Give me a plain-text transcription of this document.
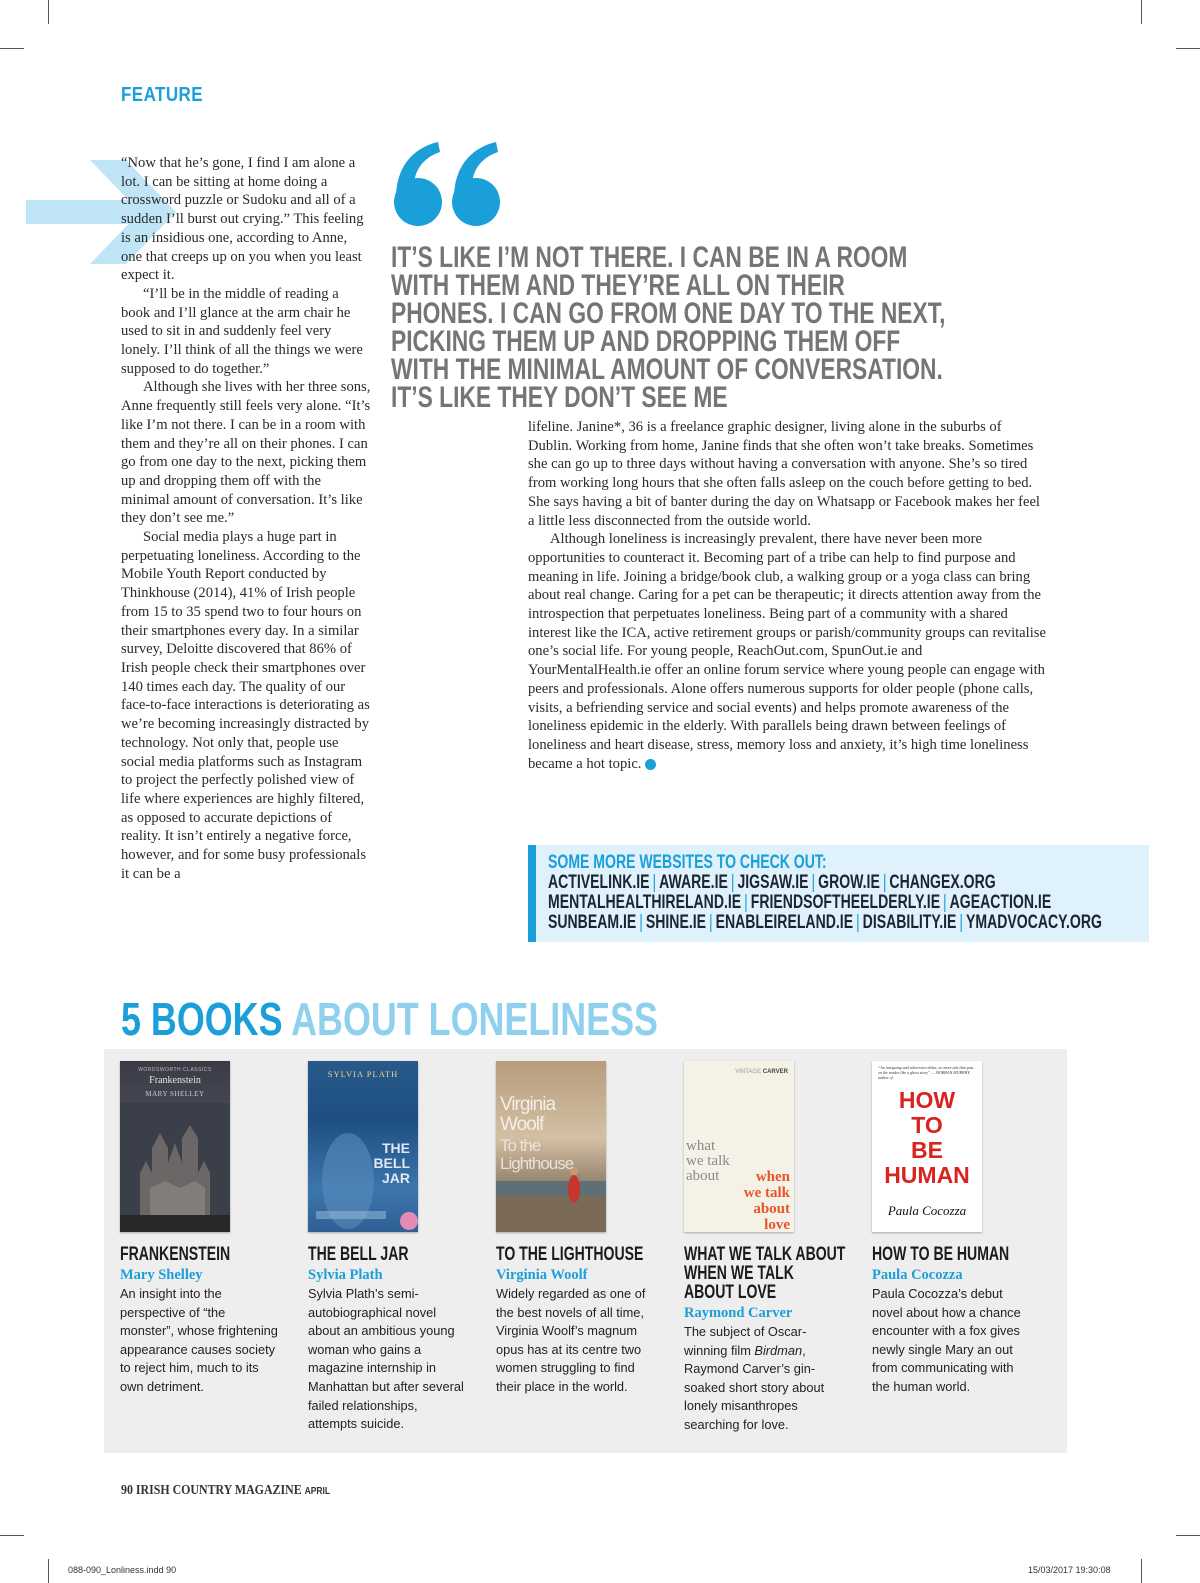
FEATURE

“Now that he’s gone, I find I am alone a lot. I can be sitting at home doing a crossword puzzle or Sudoku and all of a sudden I’ll burst out crying.” This feeling is an insidious one, according to Anne, one that creeps up on you when you least expect it.

“I’ll be in the middle of reading a book and I’ll glance at the arm chair he used to sit in and suddenly feel very lonely. I’ll think of all the things we were supposed to do together.”

Although she lives with her three sons, Anne frequently still feels very alone. “It’s like I’m not there. I can be in a room with them and they’re all on their phones. I can go from one day to the next, picking them up and dropping them off with the minimal amount of conversation. It’s like they don’t see me.”

Social media plays a huge part in perpetuating loneliness. According to the Mobile Youth Report conducted by Thinkhouse (2014), 41% of Irish people from 15 to 35 spend two to four hours on their smartphones every day. In a similar survey, Deloitte discovered that 86% of Irish people check their smartphones over 140 times each day. The quality of our face-to-face interactions is deteriorating as we’re becoming increasingly distracted by technology. Not only that, people use social media platforms such as Instagram to project the perfectly polished view of life where experiences are highly filtered, as opposed to accurate depictions of reality. It isn’t entirely a negative force, however, and for some busy professionals it can be a

IT’S LIKE I’M NOT THERE. I CAN BE IN A ROOM WITH THEM AND THEY’RE ALL ON THEIR PHONES. I CAN GO FROM ONE DAY TO THE NEXT, PICKING THEM UP AND DROPPING THEM OFF WITH THE MINIMAL AMOUNT OF CONVERSATION. IT’S LIKE THEY DON’T SEE ME

lifeline. Janine*, 36 is a freelance graphic designer, living alone in the suburbs of Dublin. Working from home, Janine finds that she often won’t take breaks. Sometimes she can go up to three days without having a conversation with anyone. She’s so tired from working long hours that she often falls asleep on the couch before getting to bed. She says having a bit of banter during the day on Whatsapp or Facebook makes her feel a little less disconnected from the outside world.

Although loneliness is increasingly prevalent, there have never been more opportunities to counteract it. Becoming part of a tribe can help to find purpose and meaning in life. Joining a bridge/book club, a walking group or a yoga class can bring about real change. Caring for a pet can be therapeutic; it directs attention away from the introspection that perpetuates loneliness. Being part of a community with a shared interest like the ICA, active retirement groups or parish/community groups can revitalise one’s social life. For young people, ReachOut.com, SpunOut.ie and YourMentalHealth.ie offer an online forum service where young people can engage with peers and professionals. Alone offers numerous supports for older people (phone calls, visits, a befriending service and social events) and helps promote awareness of the loneliness epidemic in the elderly. With parallels being drawn between feelings of loneliness and heart disease, stress, memory loss and anxiety, it’s high time loneliness became a hot topic.	✪

SOME MORE WEBSITES TO CHECK OUT:
ACTIVELINK.IE | AWARE.IE | JIGSAW.IE | GROW.IE | CHANGEX.ORG
MENTALHEALTHIRELAND.IE | FRIENDSOFTHEELDERLY.IE | AGEACTION.IE
SUNBEAM.IE | SHINE.IE | ENABLEIRELAND.IE | DISABILITY.IE | YMADVOCACY.ORG
5 BOOKS ABOUT LONELINESS
WORDSWORTH CLASSICS
Frankenstein
MARY SHELLEY
FRANKENSTEIN
Mary Shelley
An insight into the perspective of “the monster”, whose frightening appearance causes society to reject him, much to its own detriment.
SYLVIA PLATH
THE
BELL
JAR
THE BELL JAR
Sylvia Plath
Sylvia Plath’s semi-autobiographical novel about an ambitious young woman who gains a magazine internship in Manhattan but after several failed relationships, attempts suicide.
Virginia
Woolf
To the
Lighthouse
TO THE LIGHTHOUSE
Virginia Woolf
Widely regarded as one of the best novels of all time, Virginia Woolf’s magnum opus has at its centre two women struggling to find their place in the world.
VINTAGE CARVER
what
we talk
about when
we talk
about
love
WHAT WE TALK ABOUT WHEN WE TALK ABOUT LOVE
Raymond Carver
The subject of Oscar-winning film Birdman, Raymond Carver’s gin-soaked short story about lonely misanthropes searching for love.
“An intriguing and subversive debut, no more tale that puts on the reader like a ghost story” — SIOBHAN MURPHY, author of
HOW
TO
BE
HUMAN
Paula Cocozza
HOW TO BE HUMAN
Paula Cocozza
Paula Cocozza’s debut novel about how a chance encounter with a fox gives newly single Mary an out from communicating with the human world.
90 IRISH COUNTRY MAGAZINE APRIL
088-090_Lonliness.indd 90	15/03/2017 19:30:08
